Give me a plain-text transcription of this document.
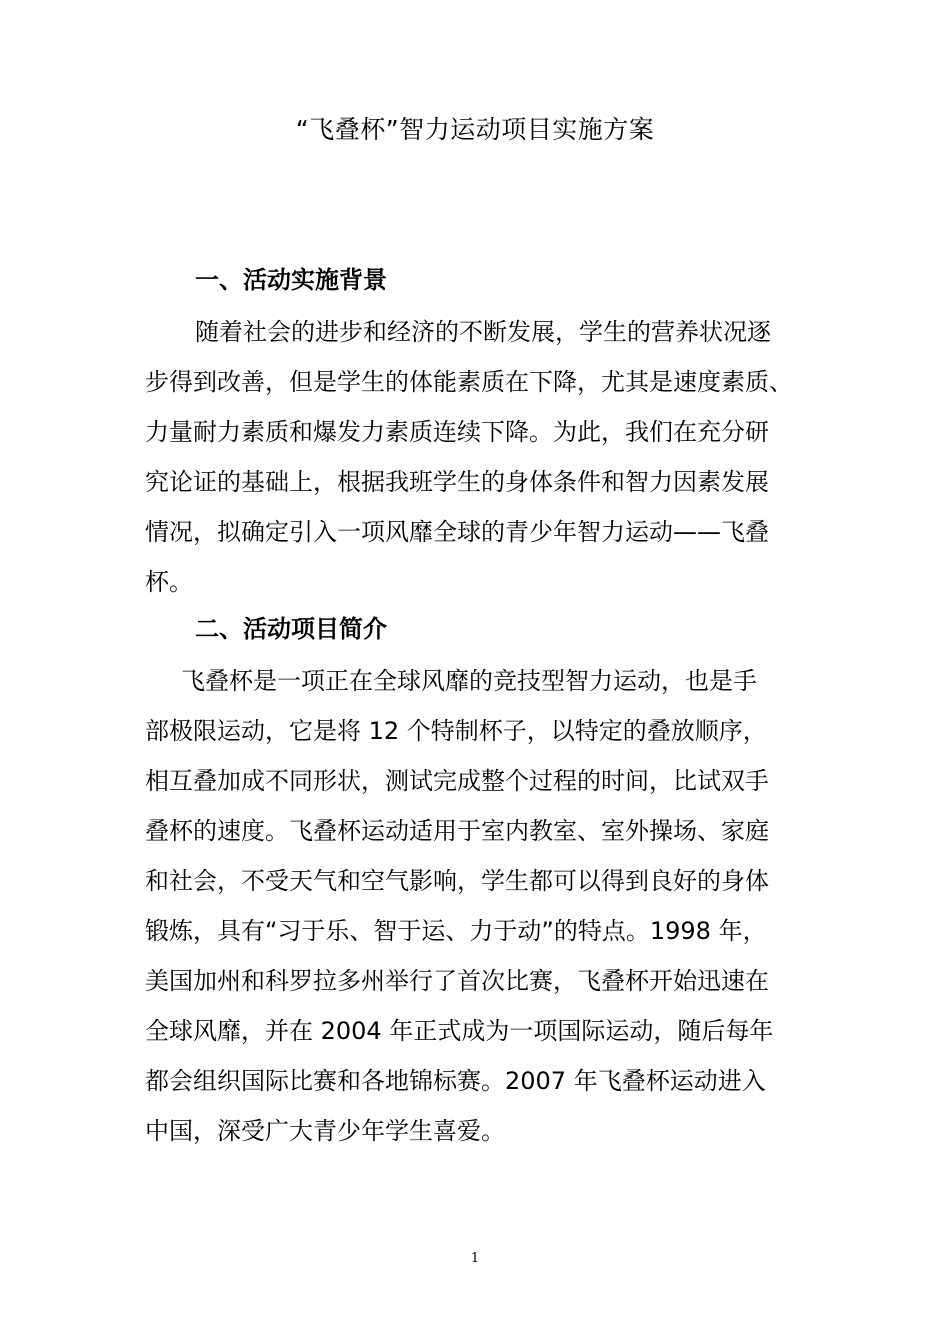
“飞叠杯”智力运动项目实施方案
一、活动实施背景
随着社会的进步和经济的不断发展，学生的营养状况逐
步得到改善，但是学生的体能素质在下降，尤其是速度素质、
力量耐力素质和爆发力素质连续下降。为此，我们在充分研
究论证的基础上，根据我班学生的身体条件和智力因素发展
情况，拟确定引入一项风靡全球的青少年智力运动——飞叠
杯。
二、活动项目简介
飞叠杯是一项正在全球风靡的竞技型智力运动，也是手
部极限运动，它是将 12 个特制杯子，以特定的叠放顺序，
相互叠加成不同形状，测试完成整个过程的时间，比试双手
叠杯的速度。飞叠杯运动适用于室内教室、室外操场、家庭
和社会，不受天气和空气影响，学生都可以得到良好的身体
锻炼，具有“习于乐、智于运、力于动”的特点。1998 年，
美国加州和科罗拉多州举行了首次比赛，飞叠杯开始迅速在
全球风靡，并在 2004 年正式成为一项国际运动，随后每年
都会组织国际比赛和各地锦标赛。2007 年飞叠杯运动进入
中国，深受广大青少年学生喜爱。
1
